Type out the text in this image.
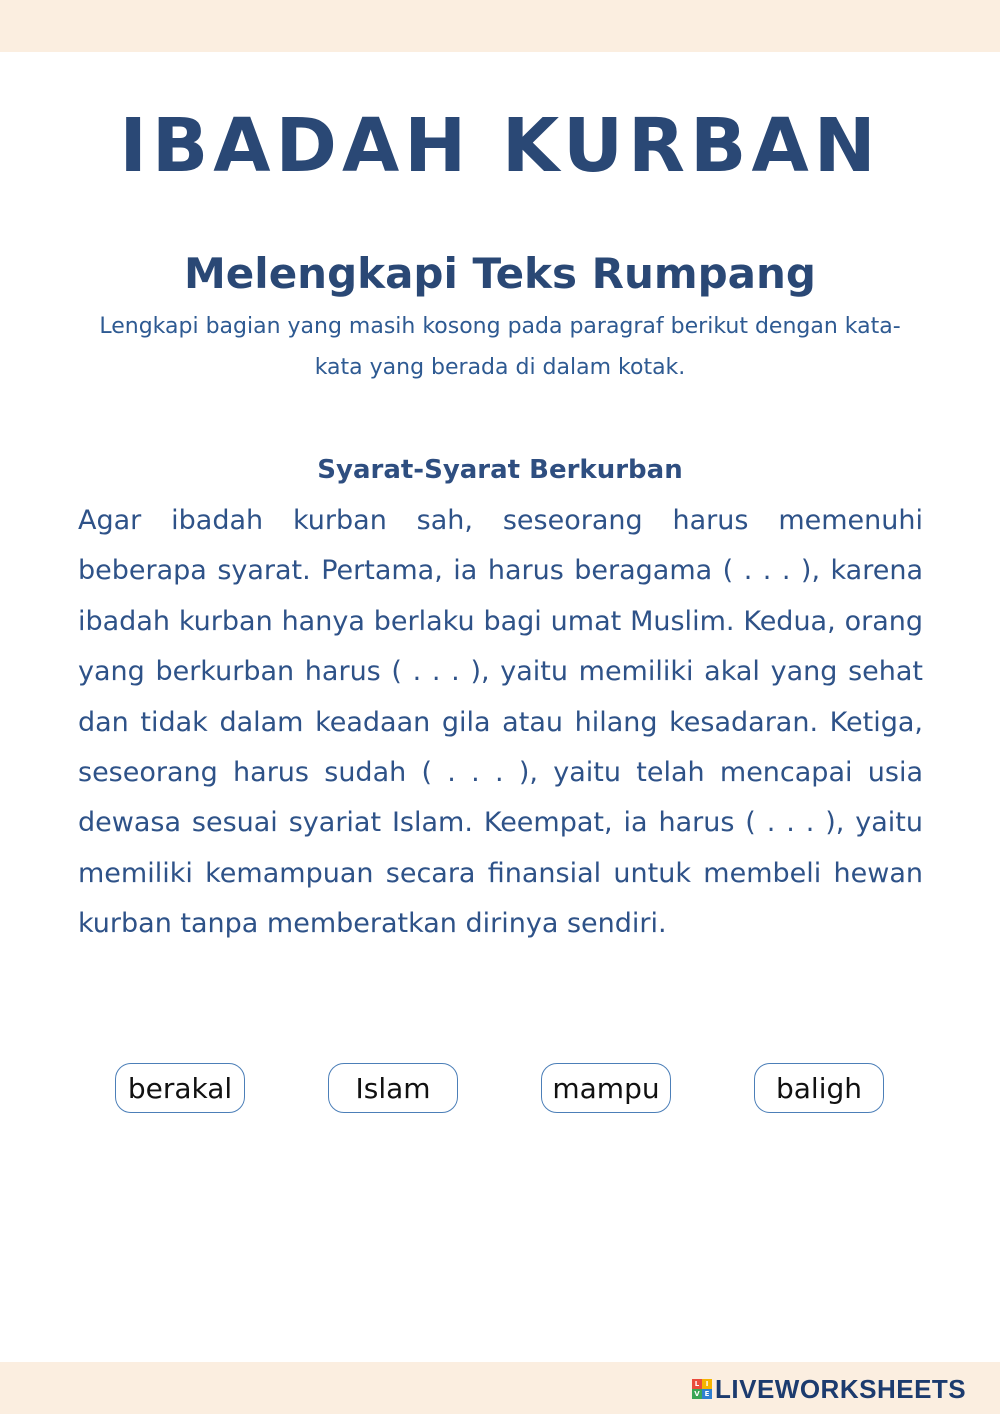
IBADAH KURBAN
Melengkapi Teks Rumpang

Lengkapi bagian yang masih kosong pada paragraf berikut dengan kata-kata yang berada di dalam kotak.

Syarat-Syarat Berkurban

Agar ibadah kurban sah, seseorang harus memenuhi beberapa syarat. Pertama, ia harus beragama ( . . . ), karena ibadah kurban hanya berlaku bagi umat Muslim. Kedua, orang yang berkurban harus ( . . . ), yaitu memiliki akal yang sehat dan tidak dalam keadaan gila atau hilang kesadaran. Ketiga, seseorang harus sudah ( . . . ), yaitu telah mencapai usia dewasa sesuai syariat Islam. Keempat, ia harus ( . . . ), yaitu memiliki kemampuan secara finansial untuk membeli hewan kurban tanpa memberatkan dirinya sendiri.

berakal	Islam	mampu	baligh
L I
V E LIVEWORKSHEETS
